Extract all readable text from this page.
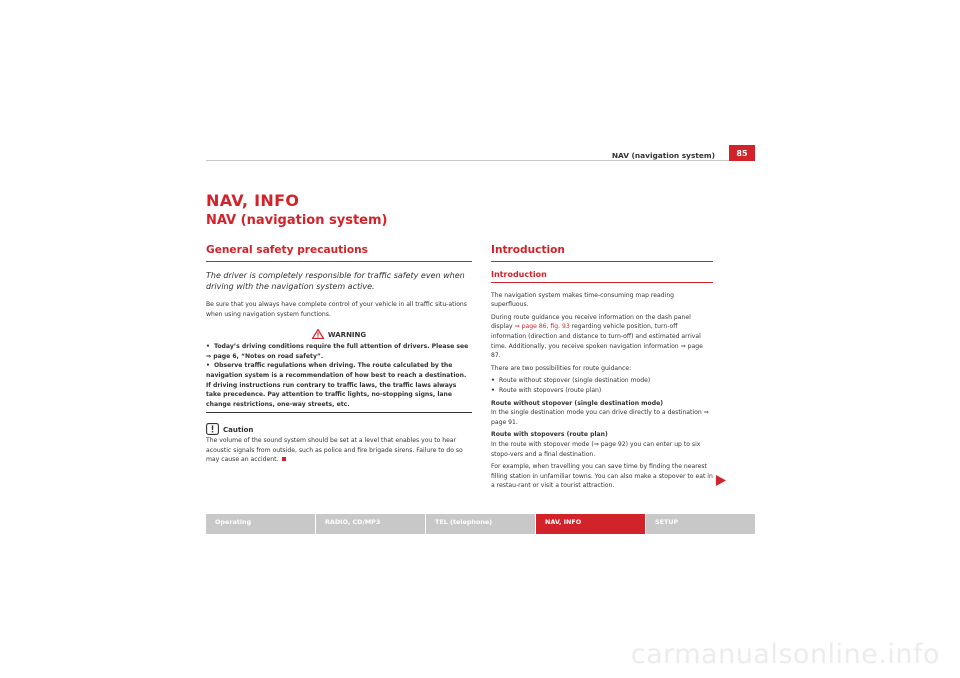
NAV (navigation system)	85
NAV, INFO
NAV (navigation system)
General safety precautions
The driver is completely responsible for traffic safety even when driving with the navigation system active.

Be sure that you always have complete control of your vehicle in all traffic situ-ations when using navigation system functions.

WARNING
• Today’s driving conditions require the full attention of drivers. Please see ⇒ page 6, “Notes on road safety”.
• Observe traffic regulations when driving. The route calculated by the navigation system is a recommendation of how best to reach a destination. If driving instructions run contrary to traffic laws, the traffic laws always take precedence. Pay attention to traffic lights, no-stopping signs, lane change restrictions, one-way streets, etc.
Caution

The volume of the sound system should be set at a level that enables you to hear acoustic signals from outside, such as police and fire brigade sirens. Failure to do so may cause an accident.

Introduction
Introduction

The navigation system makes time-consuming map reading superfluous.

During route guidance you receive information on the dash panel display ⇒ page 86, fig. 93 regarding vehicle position, turn-off information (direction and distance to turn-off) and estimated arrival time. Additionally, you receive spoken navigation information ⇒ page 87.

There are two possibilities for route guidance:

• Route without stopover (single destination mode)
• Route with stopovers (route plan)

Route without stopover (single destination mode)

In the single destination mode you can drive directly to a destination ⇒ page 91.

Route with stopovers (route plan)

In the route with stopover mode (⇒ page 92) you can enter up to six stopo-vers and a final destination.

For example, when travelling you can save time by finding the nearest filling station in unfamiliar towns. You can also make a stopover to eat in a restau-rant or visit a tourist attraction.

Operating	RADIO, CD/MP3	TEL (telephone)	NAV, INFO	SETUP
carmanualsonline.info
